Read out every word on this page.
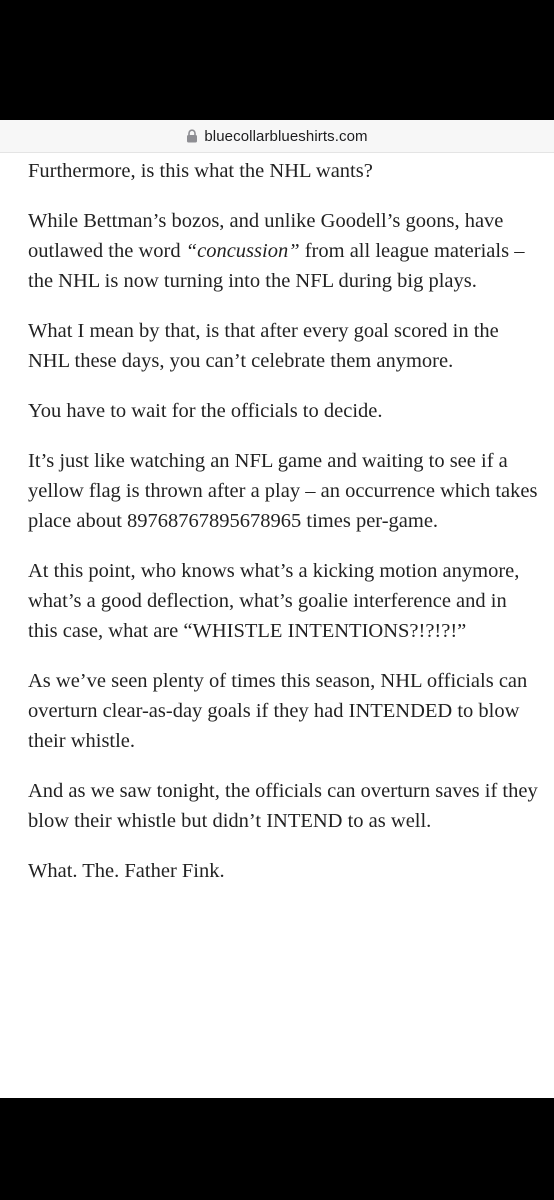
bluecollarblueshirts.com

Furthermore, is this what the NHL wants?

While Bettman’s bozos, and unlike Goodell’s goons, have outlawed the word “concussion” from all league materials – the NHL is now turning into the NFL during big plays.

What I mean by that, is that after every goal scored in the NHL these days, you can’t celebrate them anymore.

You have to wait for the officials to decide.

It’s just like watching an NFL game and waiting to see if a yellow flag is thrown after a play – an occurrence which takes place about 89768767895678965 times per-game.

At this point, who knows what’s a kicking motion anymore, what’s a good deflection, what’s goalie interference and in this case, what are “WHISTLE INTENTIONS?!?!?!”

As we’ve seen plenty of times this season, NHL officials can overturn clear-as-day goals if they had INTENDED to blow their whistle.

And as we saw tonight, the officials can overturn saves if they blow their whistle but didn’t INTEND to as well.

What. The. Father Fink.
